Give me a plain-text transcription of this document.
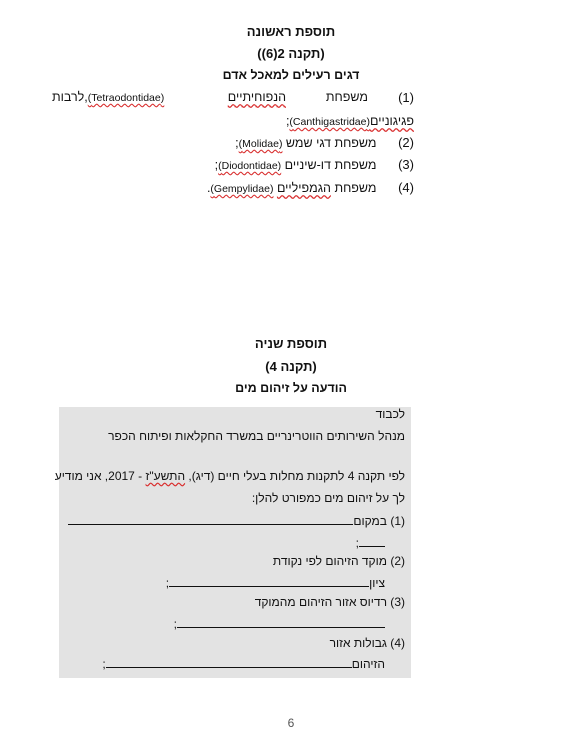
תוספת ראשונה
(תקנה 2(6))
דגים רעילים למאכל אדם
(1)
משפחת
הנפוחיתיים
(Tetraodontidae),לרבות
פגיגוניים(Canthigastridae);
(2) משפחת דגי שמש (Molidae);
(3) משפחת דו-שיניים (Diodontidae);
(4) משפחת הגמפיליים (Gempylidae).
תוספת שניה
(תקנה 4)
הודעה על זיהום מים
לכבוד
מנהל השירותים הווטרינריים במשרד החקלאות ופיתוח הכפר
לפי תקנה 4 לתקנות מחלות בעלי חיים (דיג), התשע"ז - 2017, אני מודיע
לך על זיהום מים כמפורט להלן:
(1) במקום
;
(2) מוקד הזיהום לפי נקודת
ציון;
(3) רדיוס אזור הזיהום מהמוקד
;
(4) גבולות אזור
הזיהום;
6
